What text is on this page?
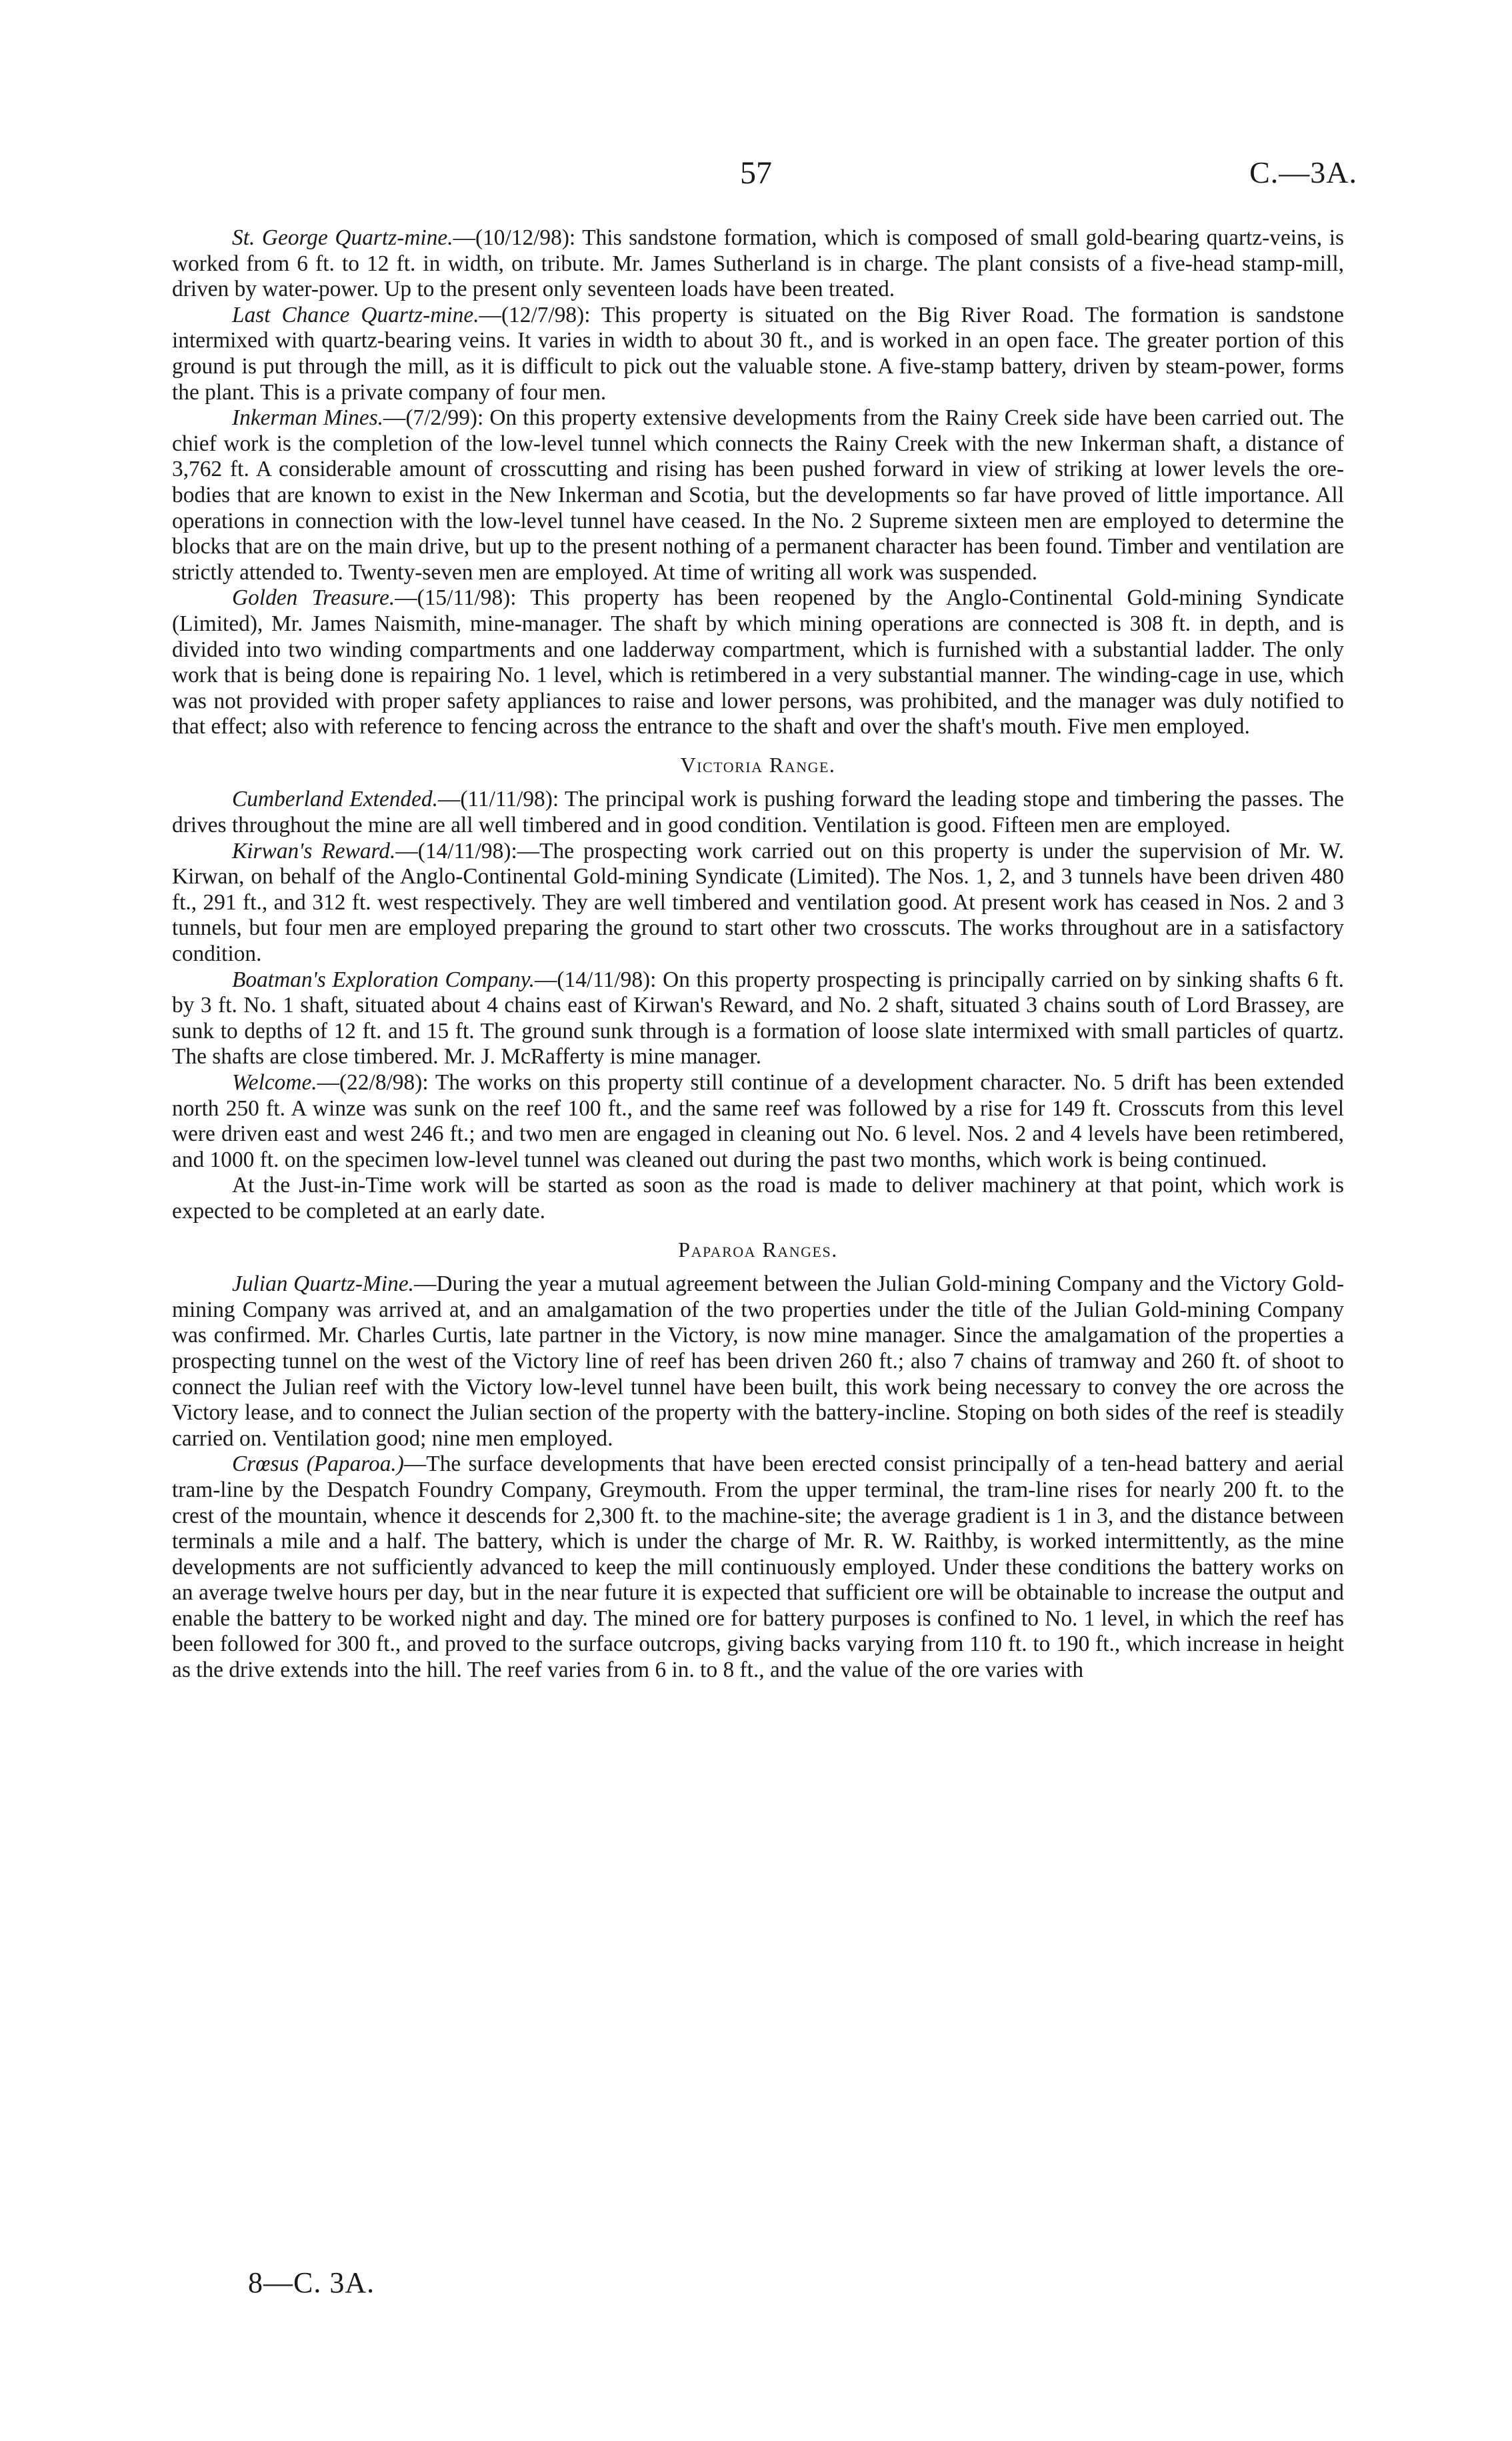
57	C.—3A.

St. George Quartz-mine.—(10/12/98): This sandstone formation, which is composed of small gold-bearing quartz-veins, is worked from 6 ft. to 12 ft. in width, on tribute. Mr. James Sutherland is in charge. The plant consists of a five-head stamp-mill, driven by water-power. Up to the present only seventeen loads have been treated.

Last Chance Quartz-mine.—(12/7/98): This property is situated on the Big River Road. The formation is sandstone intermixed with quartz-bearing veins. It varies in width to about 30 ft., and is worked in an open face. The greater portion of this ground is put through the mill, as it is difficult to pick out the valuable stone. A five-stamp battery, driven by steam-power, forms the plant. This is a private company of four men.

Inkerman Mines.—(7/2/99): On this property extensive developments from the Rainy Creek side have been carried out. The chief work is the completion of the low-level tunnel which connects the Rainy Creek with the new Inkerman shaft, a distance of 3,762 ft. A considerable amount of crosscutting and rising has been pushed forward in view of striking at lower levels the ore-bodies that are known to exist in the New Inkerman and Scotia, but the developments so far have proved of little importance. All operations in connection with the low-level tunnel have ceased. In the No. 2 Supreme sixteen men are employed to determine the blocks that are on the main drive, but up to the present nothing of a permanent character has been found. Timber and ventilation are strictly attended to. Twenty-seven men are employed. At time of writing all work was suspended.

Golden Treasure.—(15/11/98): This property has been reopened by the Anglo-Continental Gold-mining Syndicate (Limited), Mr. James Naismith, mine-manager. The shaft by which mining operations are connected is 308 ft. in depth, and is divided into two winding compartments and one ladderway compartment, which is furnished with a substantial ladder. The only work that is being done is repairing No. 1 level, which is retimbered in a very substantial manner. The winding-cage in use, which was not provided with proper safety appliances to raise and lower persons, was prohibited, and the manager was duly notified to that effect; also with reference to fencing across the entrance to the shaft and over the shaft's mouth. Five men employed.

Victoria Range.

Cumberland Extended.—(11/11/98): The principal work is pushing forward the leading stope and timbering the passes. The drives throughout the mine are all well timbered and in good condition. Ventilation is good. Fifteen men are employed.

Kirwan's Reward.—(14/11/98):—The prospecting work carried out on this property is under the supervision of Mr. W. Kirwan, on behalf of the Anglo-Continental Gold-mining Syndicate (Limited). The Nos. 1, 2, and 3 tunnels have been driven 480 ft., 291 ft., and 312 ft. west respectively. They are well timbered and ventilation good. At present work has ceased in Nos. 2 and 3 tunnels, but four men are employed preparing the ground to start other two crosscuts. The works throughout are in a satisfactory condition.

Boatman's Exploration Company.—(14/11/98): On this property prospecting is principally carried on by sinking shafts 6 ft. by 3 ft. No. 1 shaft, situated about 4 chains east of Kirwan's Reward, and No. 2 shaft, situated 3 chains south of Lord Brassey, are sunk to depths of 12 ft. and 15 ft. The ground sunk through is a formation of loose slate intermixed with small particles of quartz. The shafts are close timbered. Mr. J. McRafferty is mine manager.

Welcome.—(22/8/98): The works on this property still continue of a development character. No. 5 drift has been extended north 250 ft. A winze was sunk on the reef 100 ft., and the same reef was followed by a rise for 149 ft. Crosscuts from this level were driven east and west 246 ft.; and two men are engaged in cleaning out No. 6 level. Nos. 2 and 4 levels have been retimbered, and 1000 ft. on the specimen low-level tunnel was cleaned out during the past two months, which work is being continued.

At the Just-in-Time work will be started as soon as the road is made to deliver machinery at that point, which work is expected to be completed at an early date.

Paparoa Ranges.

Julian Quartz-Mine.—During the year a mutual agreement between the Julian Gold-mining Company and the Victory Gold-mining Company was arrived at, and an amalgamation of the two properties under the title of the Julian Gold-mining Company was confirmed. Mr. Charles Curtis, late partner in the Victory, is now mine manager. Since the amalgamation of the properties a prospecting tunnel on the west of the Victory line of reef has been driven 260 ft.; also 7 chains of tramway and 260 ft. of shoot to connect the Julian reef with the Victory low-level tunnel have been built, this work being necessary to convey the ore across the Victory lease, and to connect the Julian section of the property with the battery-incline. Stoping on both sides of the reef is steadily carried on. Ventilation good; nine men employed.

Crœsus (Paparoa.)—The surface developments that have been erected consist principally of a ten-head battery and aerial tram-line by the Despatch Foundry Company, Greymouth. From the upper terminal, the tram-line rises for nearly 200 ft. to the crest of the mountain, whence it descends for 2,300 ft. to the machine-site; the average gradient is 1 in 3, and the distance between terminals a mile and a half. The battery, which is under the charge of Mr. R. W. Raithby, is worked intermittently, as the mine developments are not sufficiently advanced to keep the mill continuously employed. Under these conditions the battery works on an average twelve hours per day, but in the near future it is expected that sufficient ore will be obtainable to increase the output and enable the battery to be worked night and day. The mined ore for battery purposes is confined to No. 1 level, in which the reef has been followed for 300 ft., and proved to the surface outcrops, giving backs varying from 110 ft. to 190 ft., which increase in height as the drive extends into the hill. The reef varies from 6 in. to 8 ft., and the value of the ore varies with

8—C. 3A.
